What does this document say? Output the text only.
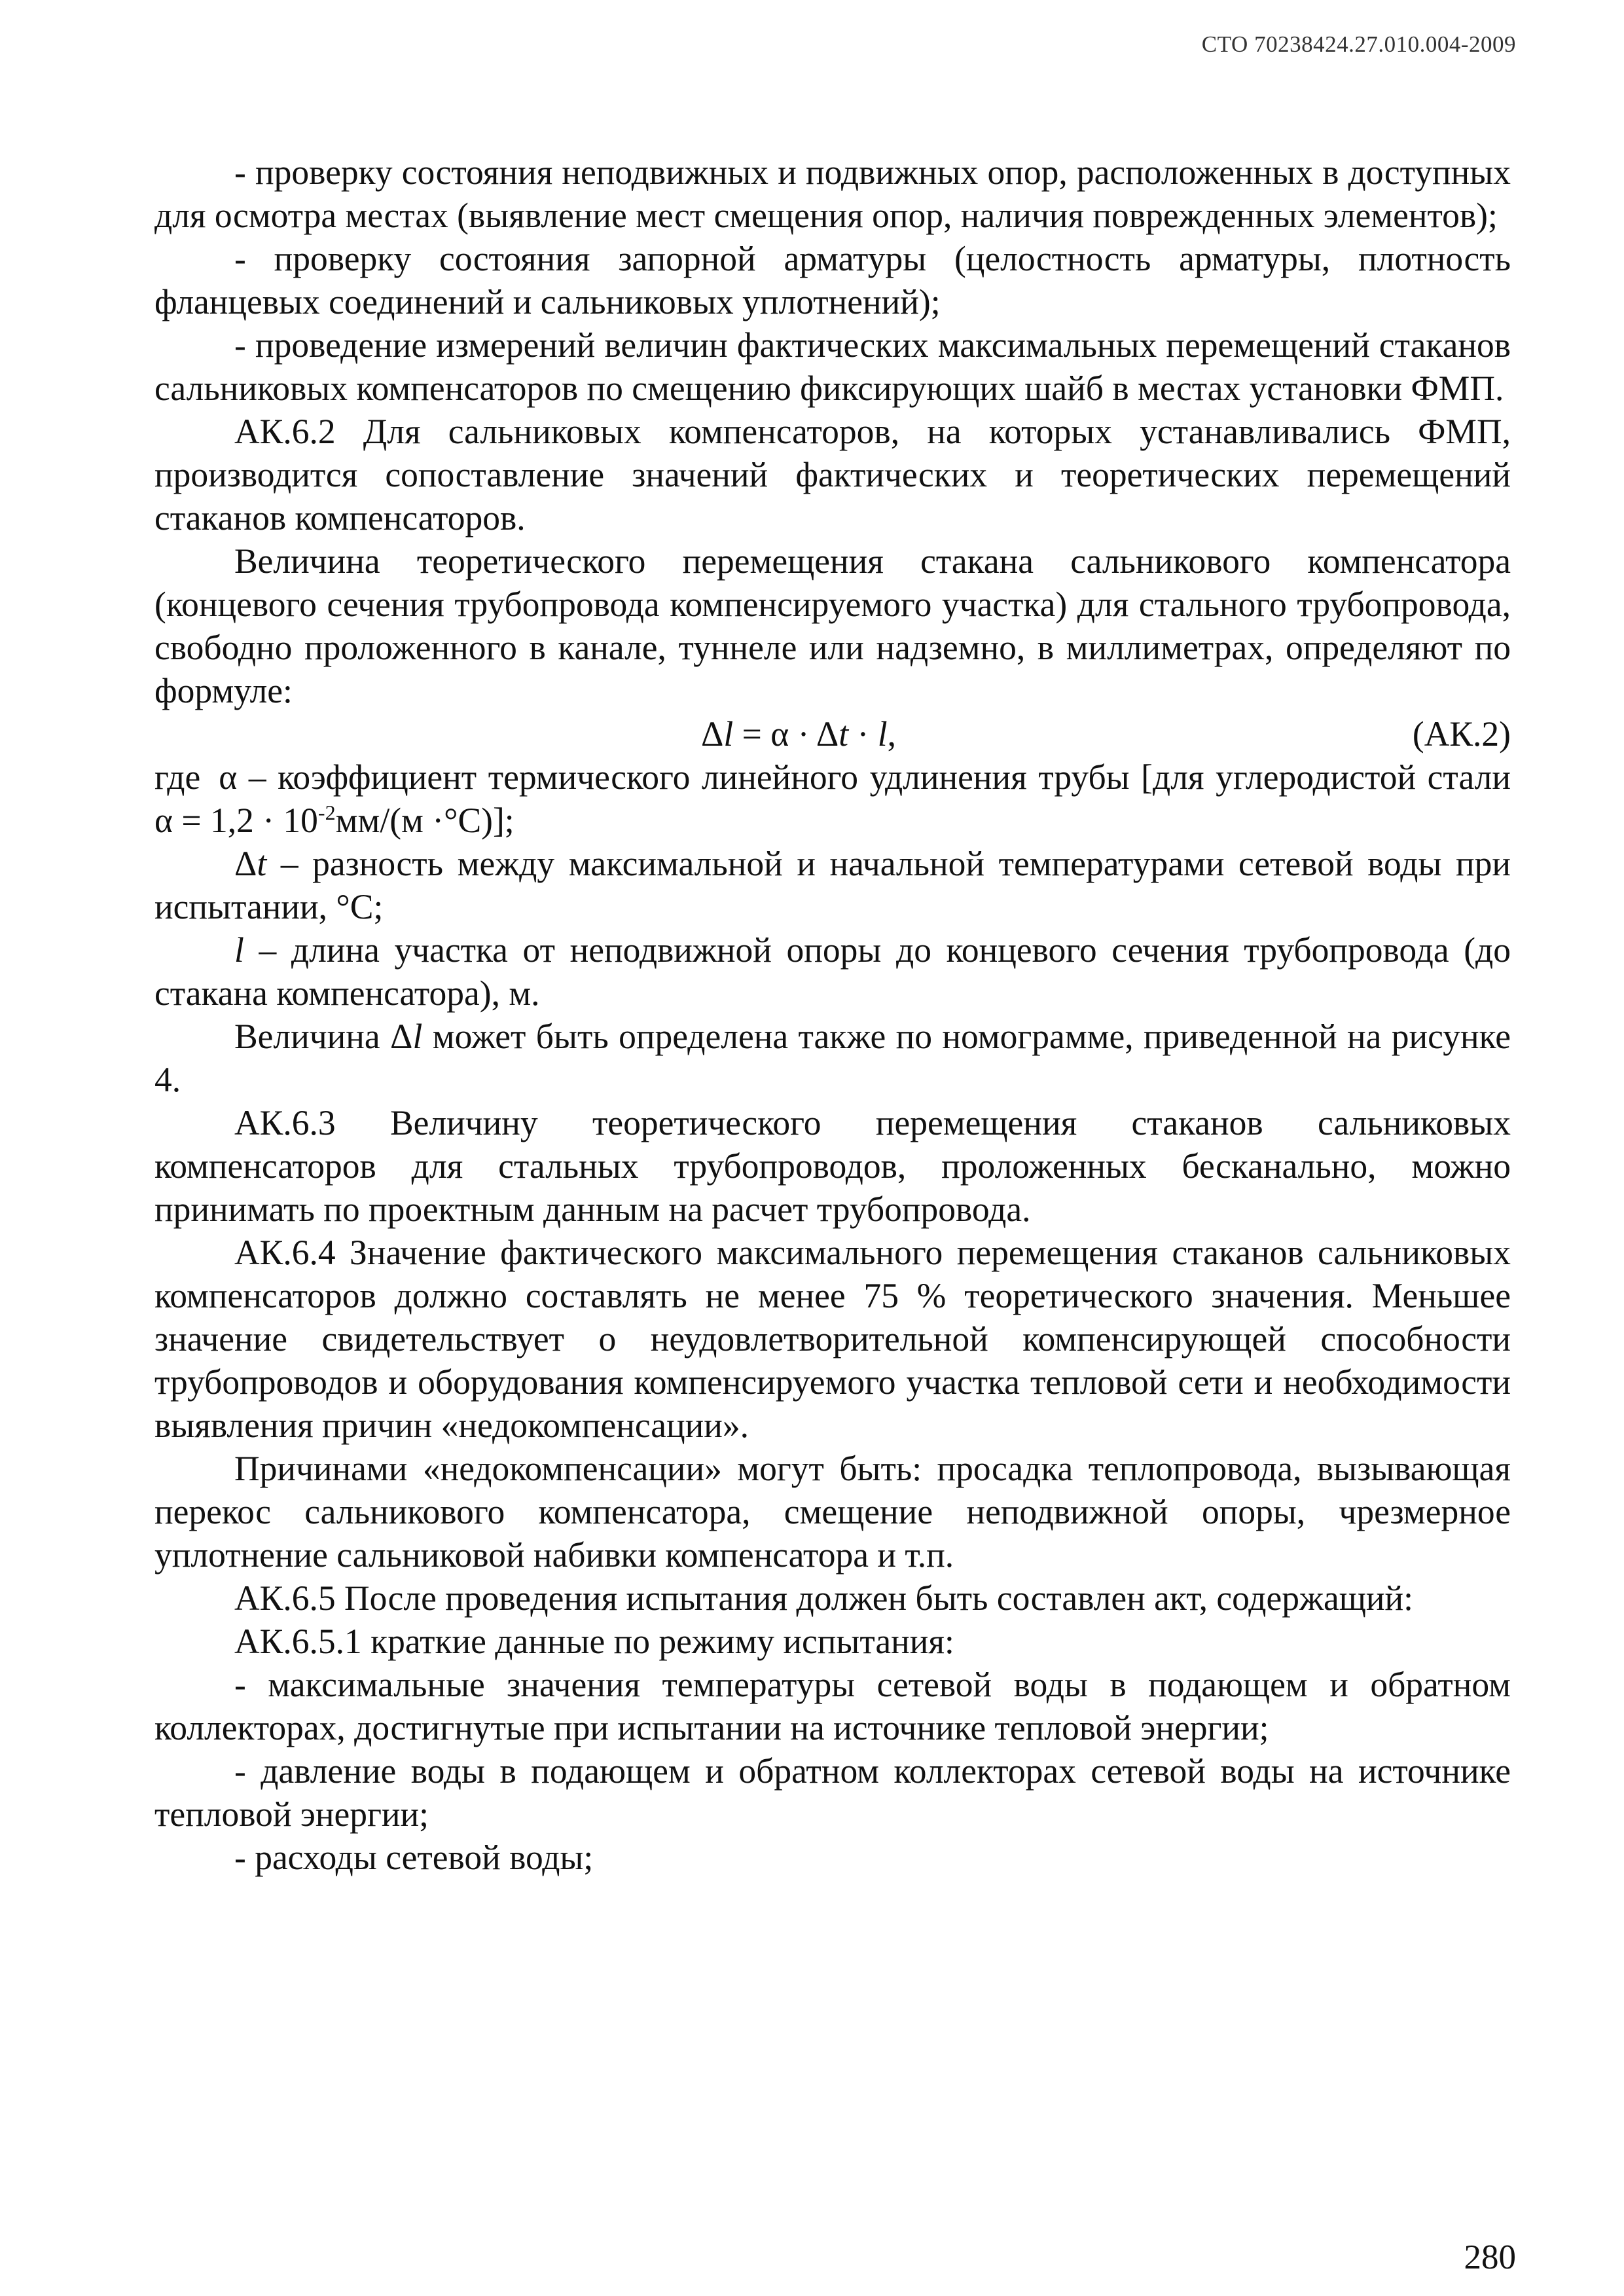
СТО 70238424.27.010.004-2009

- проверку состояния неподвижных и подвижных опор, расположенных в доступных для осмотра местах (выявление мест смещения опор, наличия поврежденных элементов);

- проверку состояния запорной арматуры (целостность арматуры, плотность фланцевых соединений и сальниковых уплотнений);

- проведение измерений величин фактических максимальных перемещений стаканов сальниковых компенсаторов по смещению фиксирующих шайб в местах установки ФМП.

АК.6.2 Для сальниковых компенсаторов, на которых устанавливались ФМП, производится сопоставление значений фактических и теоретических перемещений стаканов компенсаторов.

Величина теоретического перемещения стакана сальникового компенсатора (концевого сечения трубопровода компенсируемого участка) для стального трубопровода, свободно проложенного в канале, туннеле или надземно, в миллиметрах, определяют по формуле:

Δl = α · Δt · l,	(АК.2)

где α – коэффициент термического линейного удлинения трубы [для углеродистой стали $\alpha = 1,2 \cdot 10^{-2}мм/(м \cdot^\circ C)$];

Δt – разность между максимальной и начальной температурами сетевой воды при испытании, °С;

l – длина участка от неподвижной опоры до концевого сечения трубопровода (до стакана компенсатора), м.

Величина Δl может быть определена также по номограмме, приведенной на рисунке 4.

АК.6.3 Величину теоретического перемещения стаканов сальниковых компенсаторов для стальных трубопроводов, проложенных бесканально, можно принимать по проектным данным на расчет трубопровода.

АК.6.4 Значение фактического максимального перемещения стаканов сальниковых компенсаторов должно составлять не менее 75 % теоретического значения. Меньшее значение свидетельствует о неудовлетворительной компенсирующей способности трубопроводов и оборудования компенсируемого участка тепловой сети и необходимости выявления причин «недокомпенсации».

Причинами «недокомпенсации» могут быть: просадка теплопровода, вызывающая перекос сальникового компенсатора, смещение неподвижной опоры, чрезмерное уплотнение сальниковой набивки компенсатора и т.п.

АК.6.5 После проведения испытания должен быть составлен акт, содержащий:

АК.6.5.1 краткие данные по режиму испытания:

- максимальные значения температуры сетевой воды в подающем и обратном коллекторах, достигнутые при испытании на источнике тепловой энергии;

- давление воды в подающем и обратном коллекторах сетевой воды на источнике тепловой энергии;

- расходы сетевой воды;

280
